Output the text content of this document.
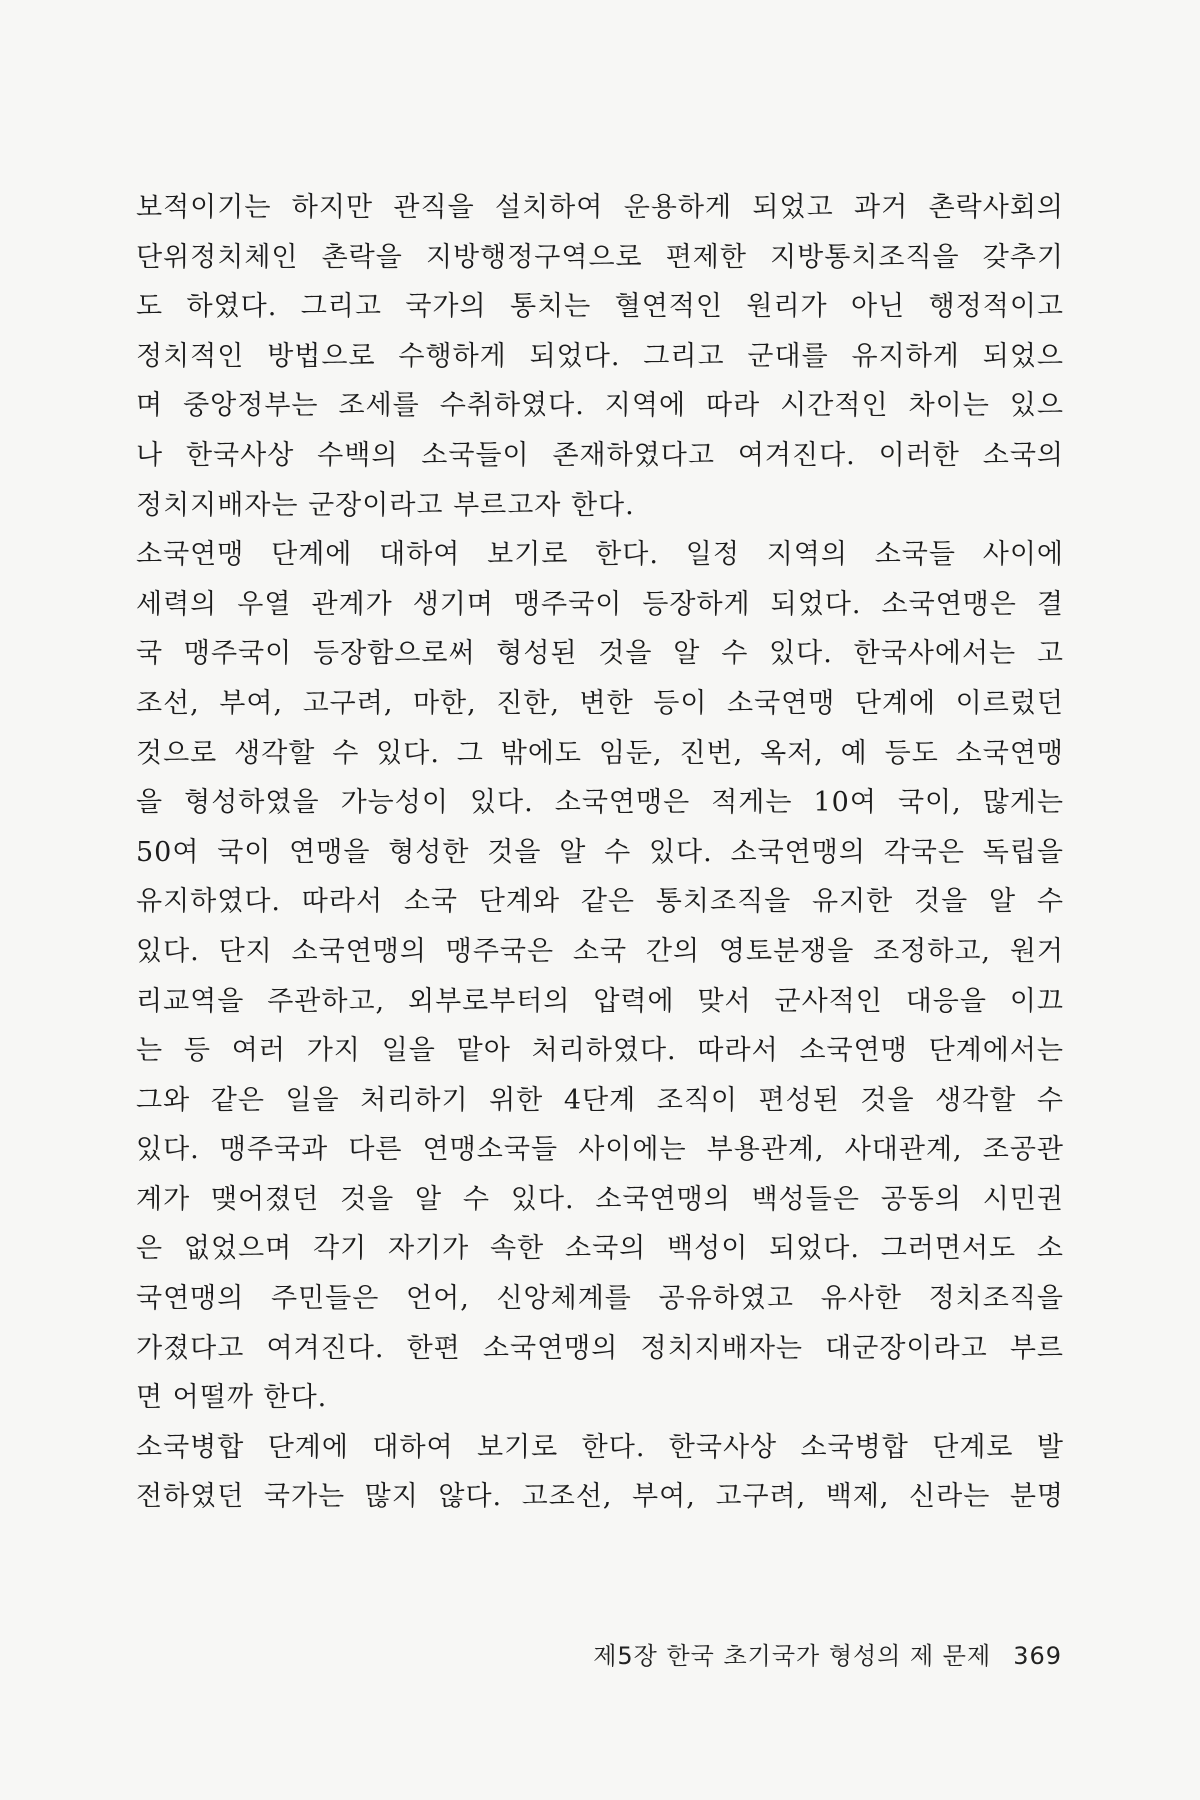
보적이기는 하지만 관직을 설치하여 운용하게 되었고 과거 촌락사회의
단위정치체인 촌락을 지방행정구역으로 편제한 지방통치조직을 갖추기
도 하였다. 그리고 국가의 통치는 혈연적인 원리가 아닌 행정적이고
정치적인 방법으로 수행하게 되었다. 그리고 군대를 유지하게 되었으
며 중앙정부는 조세를 수취하였다. 지역에 따라 시간적인 차이는 있으
나 한국사상 수백의 소국들이 존재하였다고 여겨진다. 이러한 소국의
정치지배자는 군장이라고 부르고자 한다.
소국연맹 단계에 대하여 보기로 한다. 일정 지역의 소국들 사이에
세력의 우열 관계가 생기며 맹주국이 등장하게 되었다. 소국연맹은 결
국 맹주국이 등장함으로써 형성된 것을 알 수 있다. 한국사에서는 고
조선, 부여, 고구려, 마한, 진한, 변한 등이 소국연맹 단계에 이르렀던
것으로 생각할 수 있다. 그 밖에도 임둔, 진번, 옥저, 예 등도 소국연맹
을 형성하였을 가능성이 있다. 소국연맹은 적게는 10여 국이, 많게는
50여 국이 연맹을 형성한 것을 알 수 있다. 소국연맹의 각국은 독립을
유지하였다. 따라서 소국 단계와 같은 통치조직을 유지한 것을 알 수
있다. 단지 소국연맹의 맹주국은 소국 간의 영토분쟁을 조정하고, 원거
리교역을 주관하고, 외부로부터의 압력에 맞서 군사적인 대응을 이끄
는 등 여러 가지 일을 맡아 처리하였다. 따라서 소국연맹 단계에서는
그와 같은 일을 처리하기 위한 4단계 조직이 편성된 것을 생각할 수
있다. 맹주국과 다른 연맹소국들 사이에는 부용관계, 사대관계, 조공관
계가 맺어졌던 것을 알 수 있다. 소국연맹의 백성들은 공동의 시민권
은 없었으며 각기 자기가 속한 소국의 백성이 되었다. 그러면서도 소
국연맹의 주민들은 언어, 신앙체계를 공유하였고 유사한 정치조직을
가졌다고 여겨진다. 한편 소국연맹의 정치지배자는 대군장이라고 부르
면 어떨까 한다.
소국병합 단계에 대하여 보기로 한다. 한국사상 소국병합 단계로 발
전하였던 국가는 많지 않다. 고조선, 부여, 고구려, 백제, 신라는 분명
제5장 한국 초기국가 형성의 제 문제 369
